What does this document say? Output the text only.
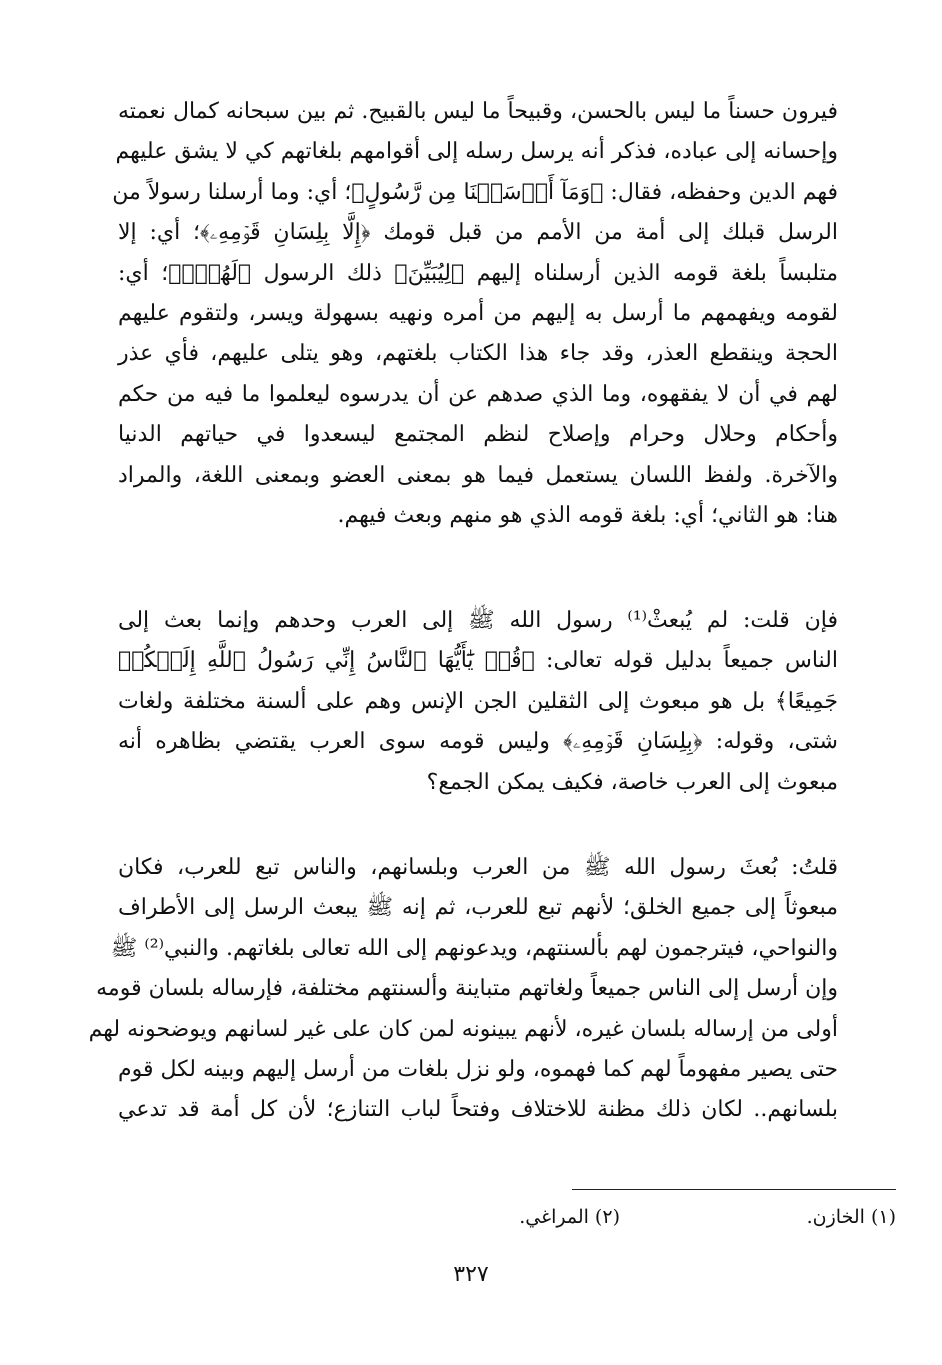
فيرون حسناً ما ليس بالحسن، وقبيحاً ما ليس بالقبيح. ثم بين سبحانه كمال نعمته
وإحسانه إلى عباده، فذكر أنه يرسل رسله إلى أقوامهم بلغاتهم كي لا يشق عليهم
فهم الدين وحفظه، فقال: ﴿وَمَآ أَرۡسَلۡنَا مِن رَّسُولٍ﴾؛ أي: وما أرسلنا رسولاً من
الرسل قبلك إلى أمة من الأمم من قبل قومك ﴿إِلَّا بِلِسَانِ قَوۡمِهِۦ﴾؛ أي: إلا
متلبساً بلغة قومه الذين أرسلناه إليهم ﴿لِيُبَيِّنَ﴾ ذلك الرسول ﴿لَهُمۡۖ﴾؛ أي:
لقومه ويفهمهم ما أرسل به إليهم من أمره ونهيه بسهولة ويسر، ولتقوم عليهم
الحجة وينقطع العذر، وقد جاء هذا الكتاب بلغتهم، وهو يتلى عليهم، فأي عذر
لهم في أن لا يفقهوه، وما الذي صدهم عن أن يدرسوه ليعلموا ما فيه من حكم
وأحكام وحلال وحرام وإصلاح لنظم المجتمع ليسعدوا في حياتهم الدنيا
والآخرة. ولفظ اللسان يستعمل فيما هو بمعنى العضو وبمعنى اللغة، والمراد
هنا: هو الثاني؛ أي: بلغة قومه الذي هو منهم وبعث فيهم.
فإن قلت: لم يُبعثْ⁽¹⁾ رسول الله ﷺ إلى العرب وحدهم وإنما بعث إلى
الناس جميعاً بدليل قوله تعالى: ﴿قُلۡ يَٰٓأَيُّهَا ٱلنَّاسُ إِنِّي رَسُولُ ٱللَّهِ إِلَيۡكُمۡ
جَمِيعًا﴾ بل هو مبعوث إلى الثقلين الجن الإنس وهم على ألسنة مختلفة ولغات
شتى، وقوله: ﴿بِلِسَانِ قَوۡمِهِۦ﴾ وليس قومه سوى العرب يقتضي بظاهره أنه
مبعوث إلى العرب خاصة، فكيف يمكن الجمع؟
قلتُ: بُعثَ رسول الله ﷺ من العرب وبلسانهم، والناس تبع للعرب، فكان
مبعوثاً إلى جميع الخلق؛ لأنهم تبع للعرب، ثم إنه ﷺ يبعث الرسل إلى الأطراف
والنواحي، فيترجمون لهم بألسنتهم، ويدعونهم إلى الله تعالى بلغاتهم. والنبي⁽²⁾ ﷺ
وإن أرسل إلى الناس جميعاً ولغاتهم متباينة وألسنتهم مختلفة، فإرساله بلسان قومه
أولى من إرساله بلسان غيره، لأنهم يبينونه لمن كان على غير لسانهم ويوضحونه لهم
حتى يصير مفهوماً لهم كما فهموه، ولو نزل بلغات من أرسل إليهم وبينه لكل قوم
بلسانهم.. لكان ذلك مظنة للاختلاف وفتحاً لباب التنازع؛ لأن كل أمة قد تدعي
(١) الخازن.
(٢) المراغي.
٣٢٧
